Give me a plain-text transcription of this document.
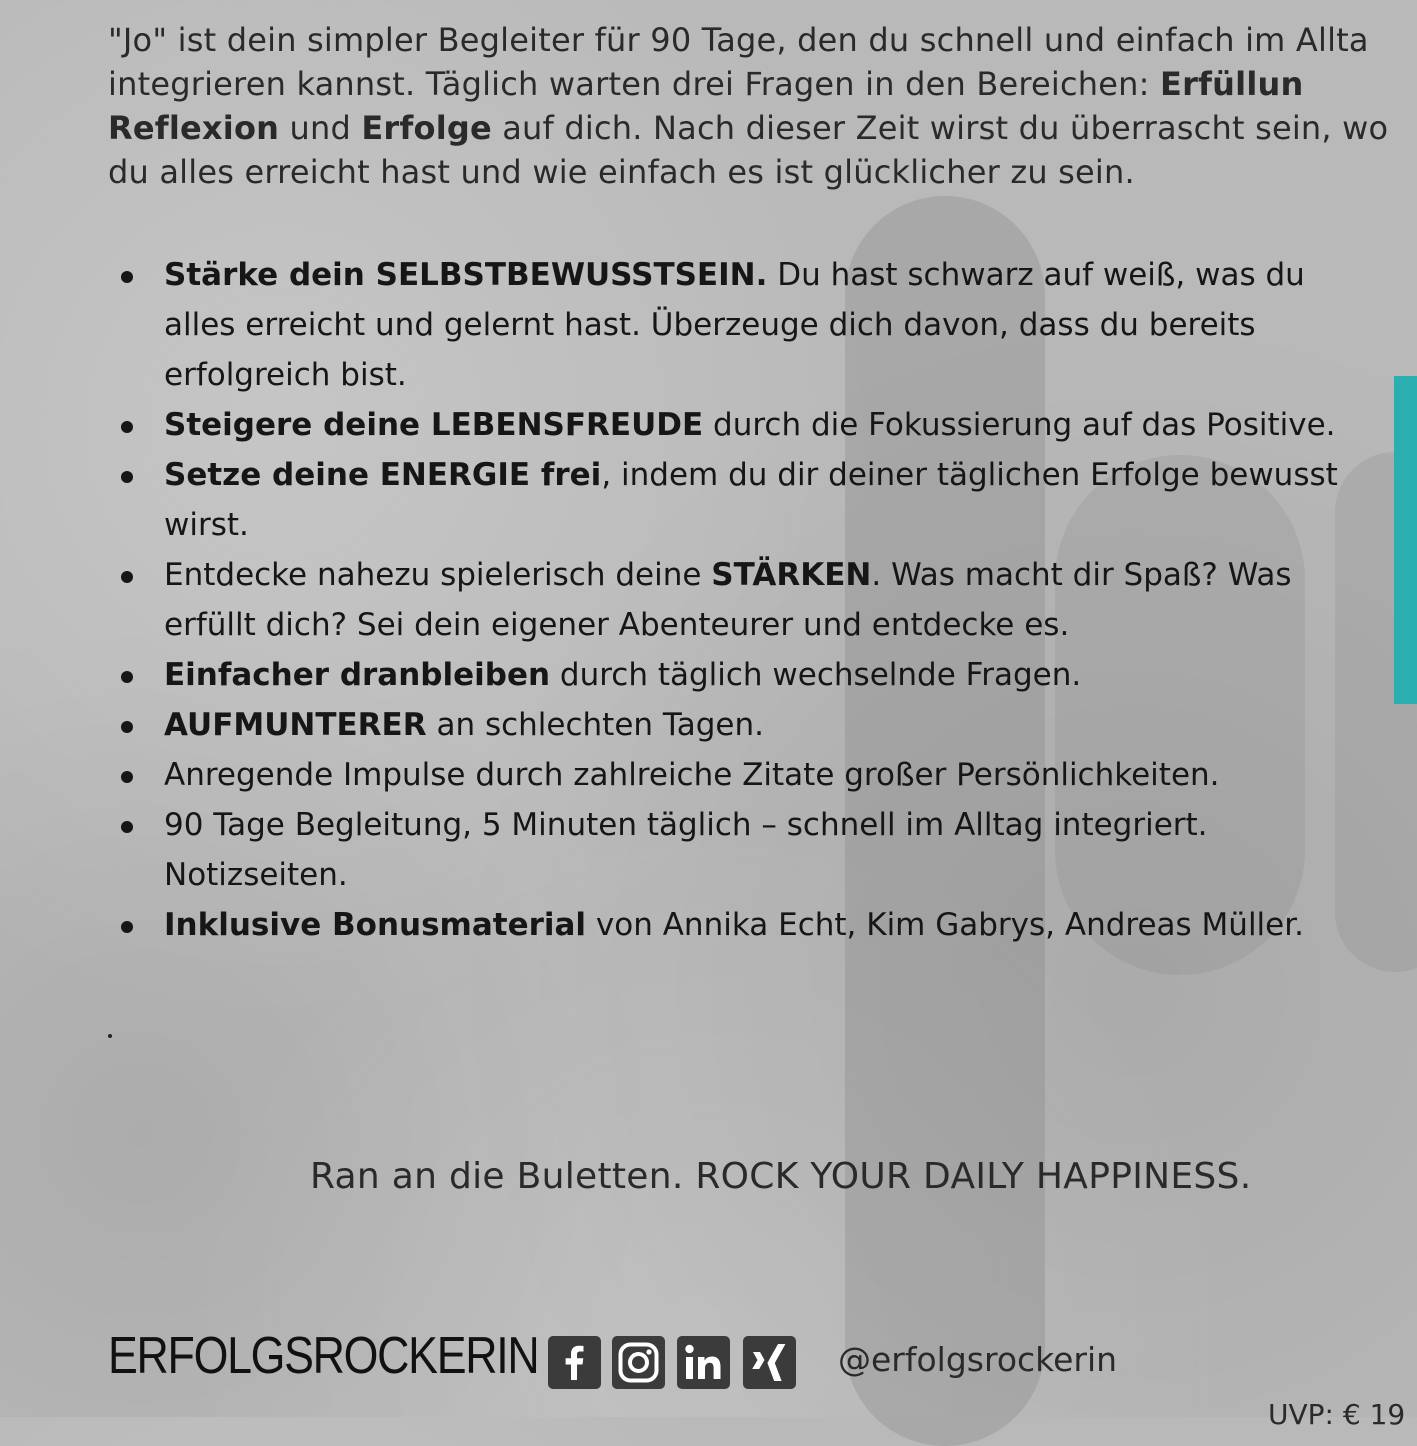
"Jo" ist dein simpler Begleiter für 90 Tage, den du schnell und einfach im Allta
integrieren kannst. Täglich warten drei Fragen in den Bereichen: Erfüllun
Reflexion und Erfolge auf dich. Nach dieser Zeit wirst du überrascht sein, wo
du alles erreicht hast und wie einfach es ist glücklicher zu sein.

Stärke dein SELBSTBEWUSSTSEIN. Du hast schwarz auf weiß, was du alles erreicht und gelernt hast. Überzeuge dich davon, dass du bereits erfolgreich bist.
Steigere deine LEBENSFREUDE durch die Fokussierung auf das Positive.
Setze deine ENERGIE frei, indem du dir deiner täglichen Erfolge bewusst wirst.
Entdecke nahezu spielerisch deine STÄRKEN. Was macht dir Spaß? Was erfüllt dich? Sei dein eigener Abenteurer und entdecke es.
Einfacher dranbleiben durch täglich wechselnde Fragen.
AUFMUNTERER an schlechten Tagen.
Anregende Impulse durch zahlreiche Zitate großer Persönlichkeiten.
90 Tage Begleitung, 5 Minuten täglich – schnell im Alltag integriert. Notizseiten.
Inklusive Bonusmaterial von Annika Echt, Kim Gabrys, Andreas Müller.
Ran an die Buletten. ROCK YOUR DAILY HAPPINESS.
ERFOLGSROCKERIN	@erfolgsrockerin
UVP: € 19
